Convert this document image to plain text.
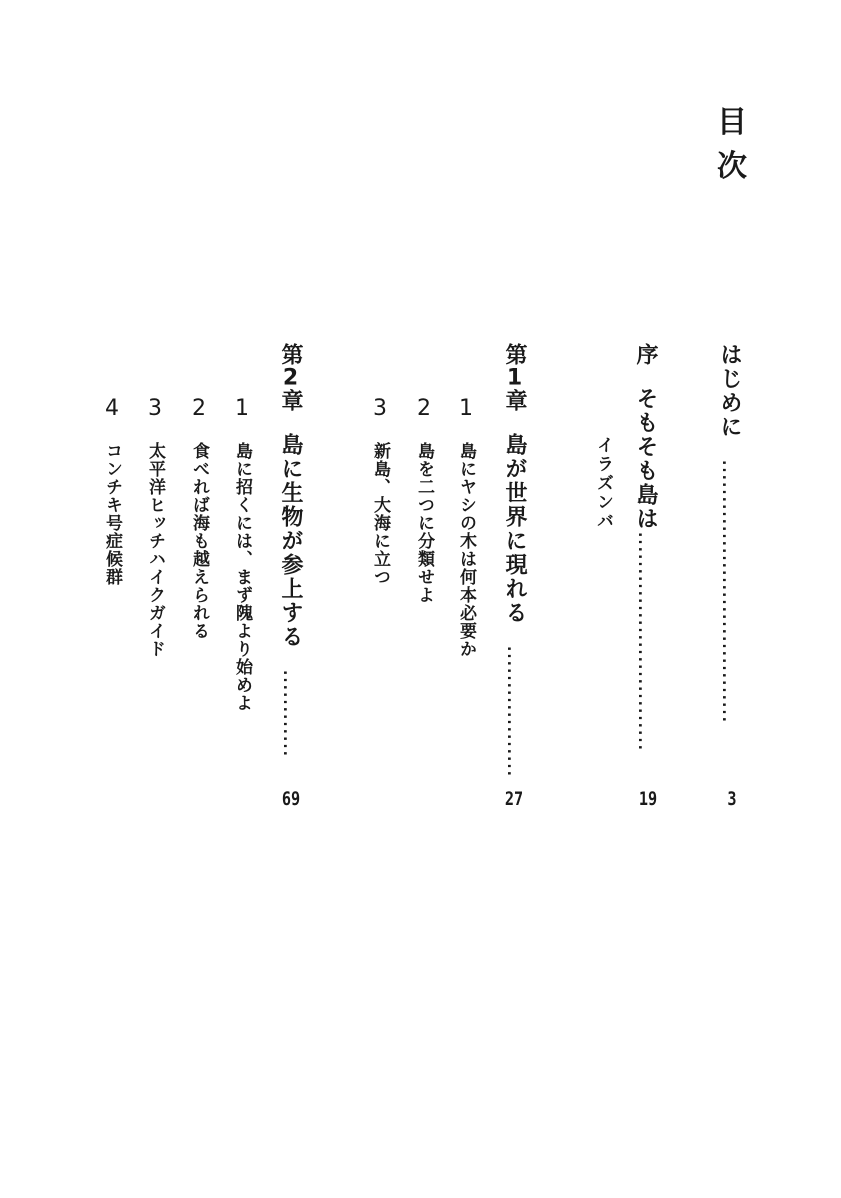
目
次
はじめに………………………………
3
序そもそも島は…………………………
19
イラズンバ
第1章島が世界に現れる………………
27
1
島にヤシの木は何本必要か
2
島を二つに分類せよ
3
新島、大海に立つ
第2章島に生物が参上する…………
69
1
島に招くには、まず隗より始めよ
2
食べれば海も越えられる
3
太平洋ヒッチハイクガイド
4
コンチキ号症候群
